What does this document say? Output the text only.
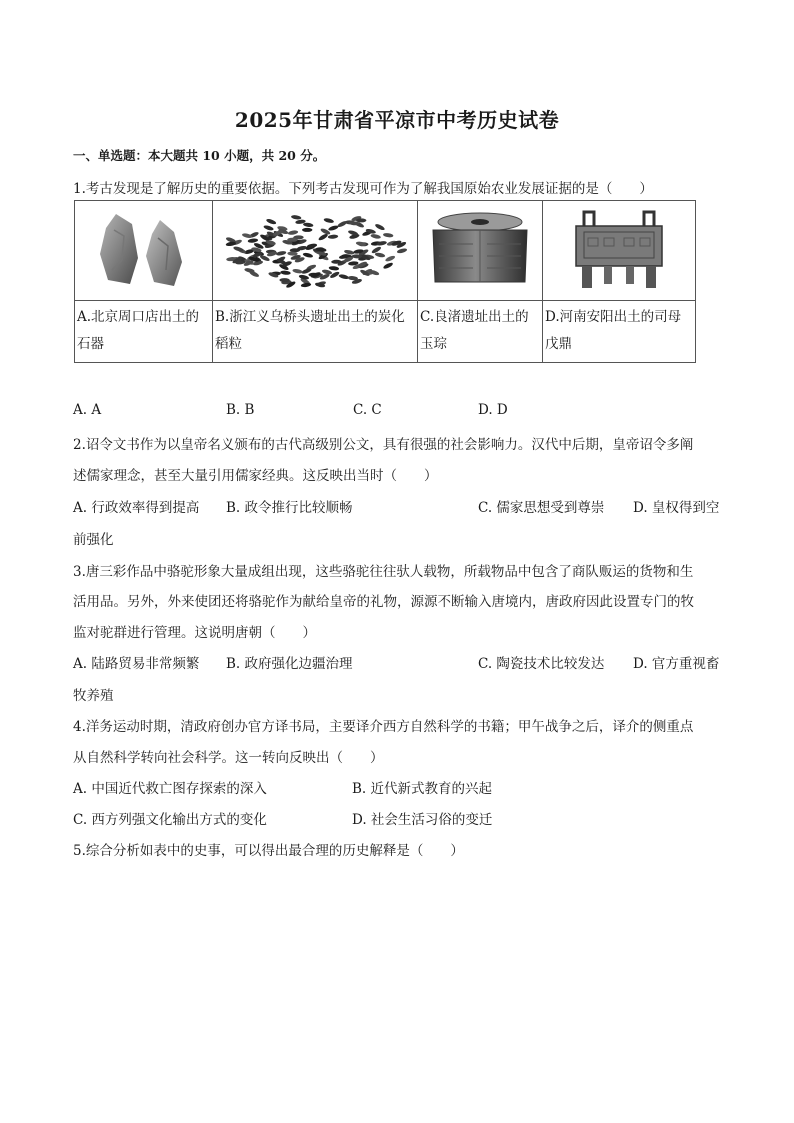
2025年甘肃省平凉市中考历史试卷
一、单选题：本大题共 10 小题，共 20 分。
1.考古发现是了解历史的重要依据。下列考古发现可作为了解我国原始农业发展证据的是（　　）

A.北京周口店出土的石器	B.浙江义乌桥头遗址出土的炭化稻粒	C.良渚遗址出土的玉琮	D.河南安阳出土的司母戊鼎
A. A	B. B	C. C	D. D
2.诏令文书作为以皇帝名义颁布的古代高级别公文，具有很强的社会影响力。汉代中后期，皇帝诏令多阐
述儒家理念，甚至大量引用儒家经典。这反映出当时（　　）
A. 行政效率得到提高 B. 政令推行比较顺畅	C. 儒家思想受到尊崇 D. 皇权得到空
前强化
3.唐三彩作品中骆驼形象大量成组出现，这些骆驼往往驮人载物，所载物品中包含了商队贩运的货物和生
活用品。另外，外来使团还将骆驼作为献给皇帝的礼物，源源不断输入唐境内，唐政府因此设置专门的牧
监对驼群进行管理。这说明唐朝（　　）
A. 陆路贸易非常频繁 B. 政府强化边疆治理	C. 陶瓷技术比较发达 D. 官方重视畜
牧养殖
4.洋务运动时期，清政府创办官方译书局，主要译介西方自然科学的书籍；甲午战争之后，译介的侧重点
从自然科学转向社会科学。这一转向反映出（　　）
A. 中国近代救亡图存探索的深入	B. 近代新式教育的兴起
C. 西方列强文化输出方式的变化	D. 社会生活习俗的变迁
5.综合分析如表中的史事，可以得出最合理的历史解释是（　　）
